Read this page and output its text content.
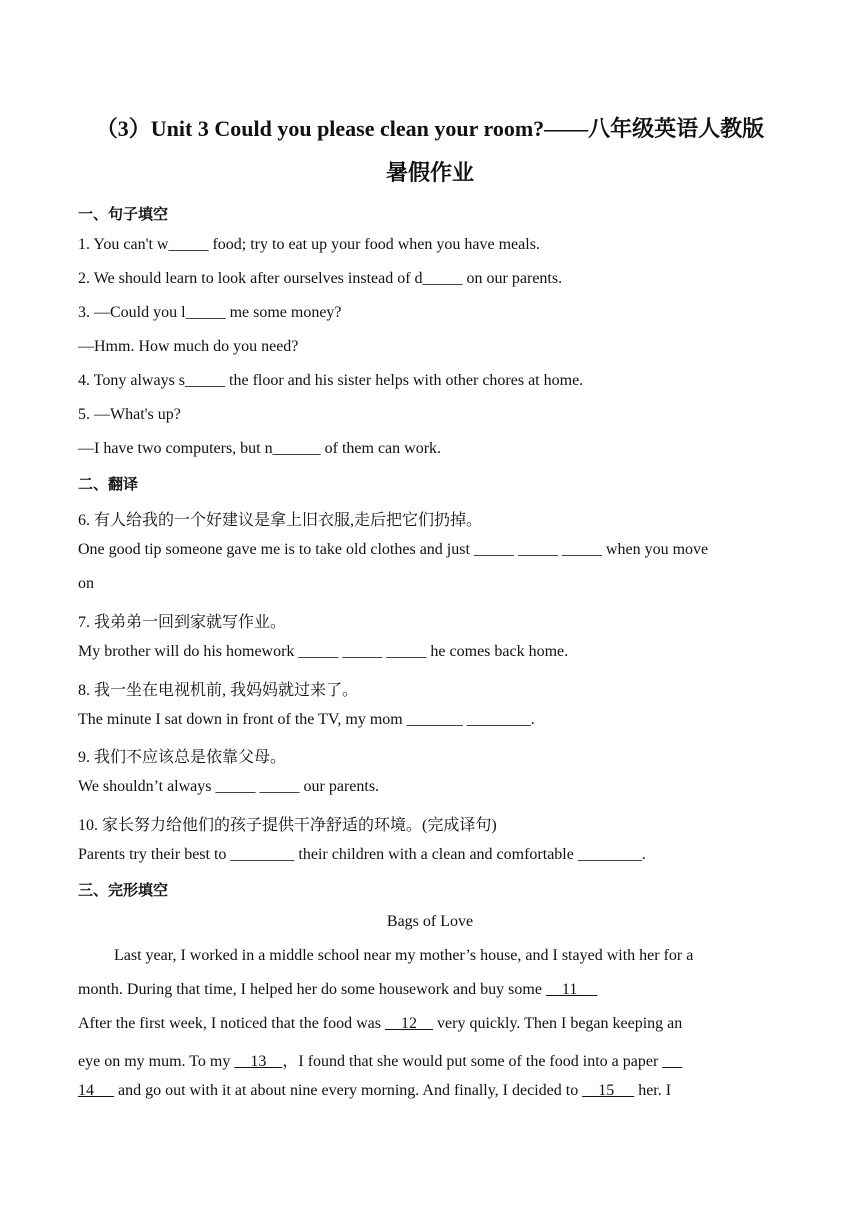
（3）Unit 3 Could you please clean your room?——八年级英语人教版
暑假作业
一、句子填空
1. You can't w_____ food; try to eat up your food when you have meals.
2. We should learn to look after ourselves instead of d_____ on our parents.
3. —Could you l_____ me some money?
—Hmm. How much do you need?
4. Tony always s_____ the floor and his sister helps with other chores at home.
5. —What's up?
—I have two computers, but n______ of them can work.
二、翻译
6. 有人给我的一个好建议是拿上旧衣服,走后把它们扔掉。
One good tip someone gave me is to take old clothes and just _____ _____ _____ when you move
on
7. 我弟弟一回到家就写作业。
My brother will do his homework _____ _____ _____ he comes back home.
8. 我一坐在电视机前, 我妈妈就过来了。
The minute I sat down in front of the TV, my mom _______ ________.
9. 我们不应该总是依靠父母。
We shouldn’t always _____ _____ our parents.
10. 家长努力给他们的孩子提供干净舒适的环境。(完成译句)
Parents try their best to ________ their children with a clean and comfortable ________.
三、完形填空
Bags of Love
Last year, I worked in a middle school near my mother’s house, and I stayed with her for a
month. During that time, I helped her do some housework and buy some     11
After the first week, I noticed that the food was     12     very quickly. Then I began keeping an
eye on my mum. To my     13    ，I found that she would put some of the food into a paper
14      and go out with it at about nine every morning. And finally, I decided to     15      her. I
